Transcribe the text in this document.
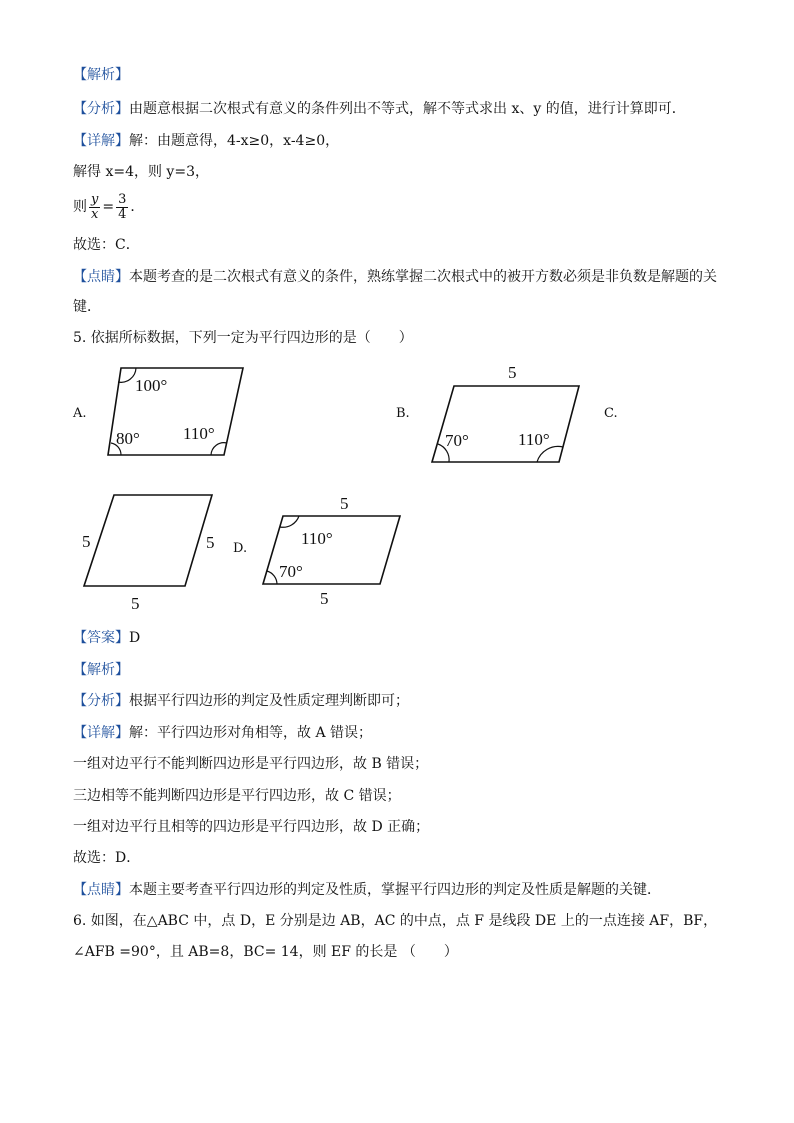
【解析】
【分析】由题意根据二次根式有意义的条件列出不等式，解不等式求出 x、y 的值，进行计算即可．
【详解】解：由题意得，4-x≥0，x-4≥0，
解得 x=4，则 y=3，
则 $\frac{y}{x} = \frac{3}{4}$ ．
故选：C．
【点睛】本题考查的是二次根式有意义的条件，熟练掌握二次根式中的被开方数必须是非负数是解题的关
键．
5. 依据所标数据，下列一定为平行四边形的是（　　）
A.
100°
80°	110°
B.
5
70°	110°
C.
5	5
5
D.
5
110°
70°
5
【答案】D
【解析】
【分析】根据平行四边形的判定及性质定理判断即可；
【详解】解：平行四边形对角相等，故 A 错误；
一组对边平行不能判断四边形是平行四边形，故 B 错误；
三边相等不能判断四边形是平行四边形，故 C 错误；
一组对边平行且相等的四边形是平行四边形，故 D 正确；
故选：D．
【点睛】本题主要考查平行四边形的判定及性质，掌握平行四边形的判定及性质是解题的关键．
6. 如图，在△ABC 中，点 D，E 分别是边 AB，AC 的中点，点 F 是线段 DE 上的一点连接 AF，BF，
∠AFB =90°，且 AB=8，BC= 14，则 EF 的长是 （　　）
